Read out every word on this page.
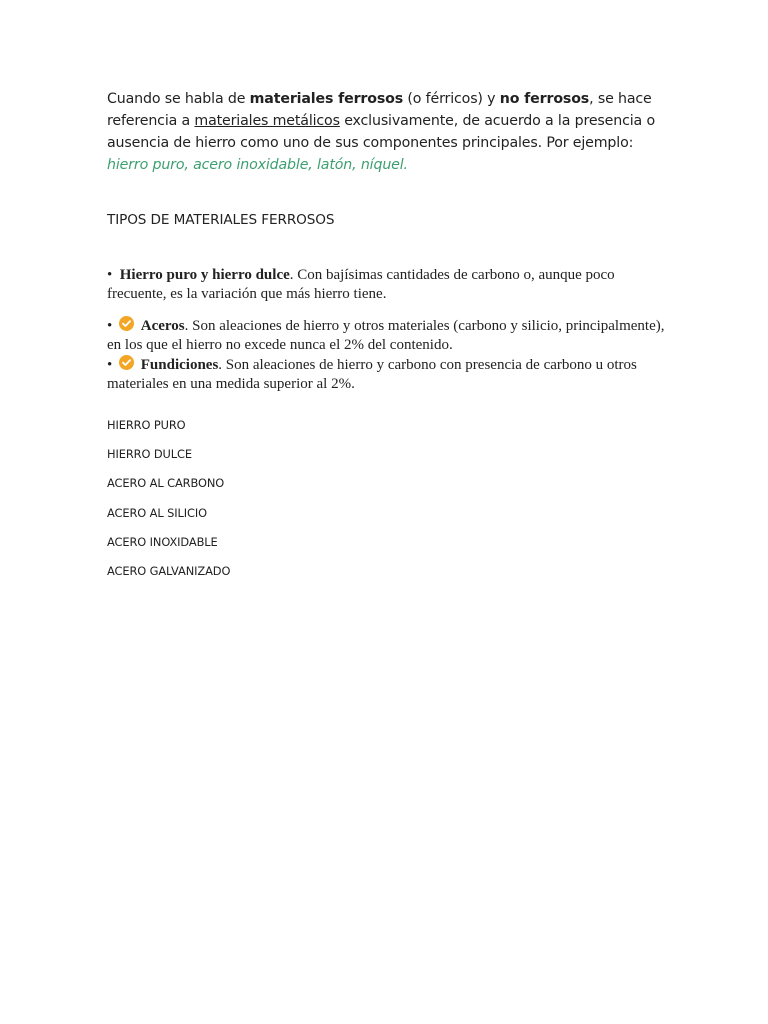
Cuando se habla de materiales ferrosos (o férricos) y no ferrosos, se hace referencia a materiales metálicos exclusivamente, de acuerdo a la presencia o ausencia de hierro como uno de sus componentes principales. Por ejemplo: hierro puro, acero inoxidable, latón, níquel.

TIPOS DE MATERIALES FERROSOS

• Hierro puro y hierro dulce. Con bajísimas cantidades de carbono o, aunque poco frecuente, es la variación que más hierro tiene.

• Aceros. Son aleaciones de hierro y otros materiales (carbono y silicio, principalmente), en los que el hierro no excede nunca el 2% del contenido.

• Fundiciones. Son aleaciones de hierro y carbono con presencia de carbono u otros materiales en una medida superior al 2%.

HIERRO PURO
HIERRO DULCE
ACERO AL CARBONO
ACERO AL SILICIO
ACERO INOXIDABLE
ACERO GALVANIZADO
